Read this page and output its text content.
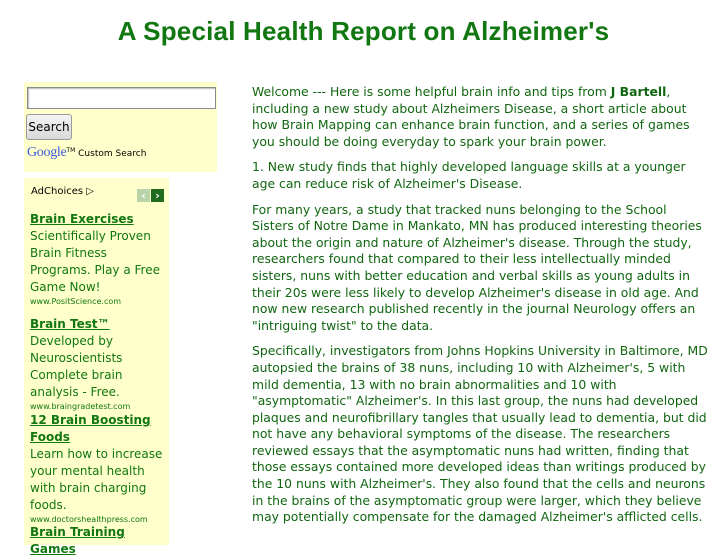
A Special Health Report on Alzheimer's
Search
Google™ Custom Search
AdChoices ▷	‹ ›
Brain Exercises
Scientifically Proven Brain Fitness Programs. Play a Free Game Now!
www.PositScience.com
Brain Test™
Developed by Neuroscientists Complete brain analysis - Free.
www.braingradetest.com
12 Brain Boosting Foods
Learn how to increase your mental health with brain charging foods.
www.doctorshealthpress.com
Brain Training Games

Welcome --- Here is some helpful brain info and tips from J Bartell, including a new study about Alzheimers Disease, a short article about how Brain Mapping can enhance brain function, and a series of games you should be doing everyday to spark your brain power.

1. New study finds that highly developed language skills at a younger age can reduce risk of Alzheimer's Disease.

For many years, a study that tracked nuns belonging to the School Sisters of Notre Dame in Mankato, MN has produced interesting theories about the origin and nature of Alzheimer's disease. Through the study, researchers found that compared to their less intellectually minded sisters, nuns with better education and verbal skills as young adults in their 20s were less likely to develop Alzheimer's disease in old age. And now new research published recently in the journal Neurology offers an "intriguing twist" to the data.

Specifically, investigators from Johns Hopkins University in Baltimore, MD autopsied the brains of 38 nuns, including 10 with Alzheimer's, 5 with mild dementia, 13 with no brain abnormalities and 10 with "asymptomatic" Alzheimer's. In this last group, the nuns had developed plaques and neurofibrillary tangles that usually lead to dementia, but did not have any behavioral symptoms of the disease. The researchers reviewed essays that the asymptomatic nuns had written, finding that those essays contained more developed ideas than writings produced by the 10 nuns with Alzheimer's. They also found that the cells and neurons in the brains of the asymptomatic group were larger, which they believe may potentially compensate for the damaged Alzheimer's afflicted cells.
